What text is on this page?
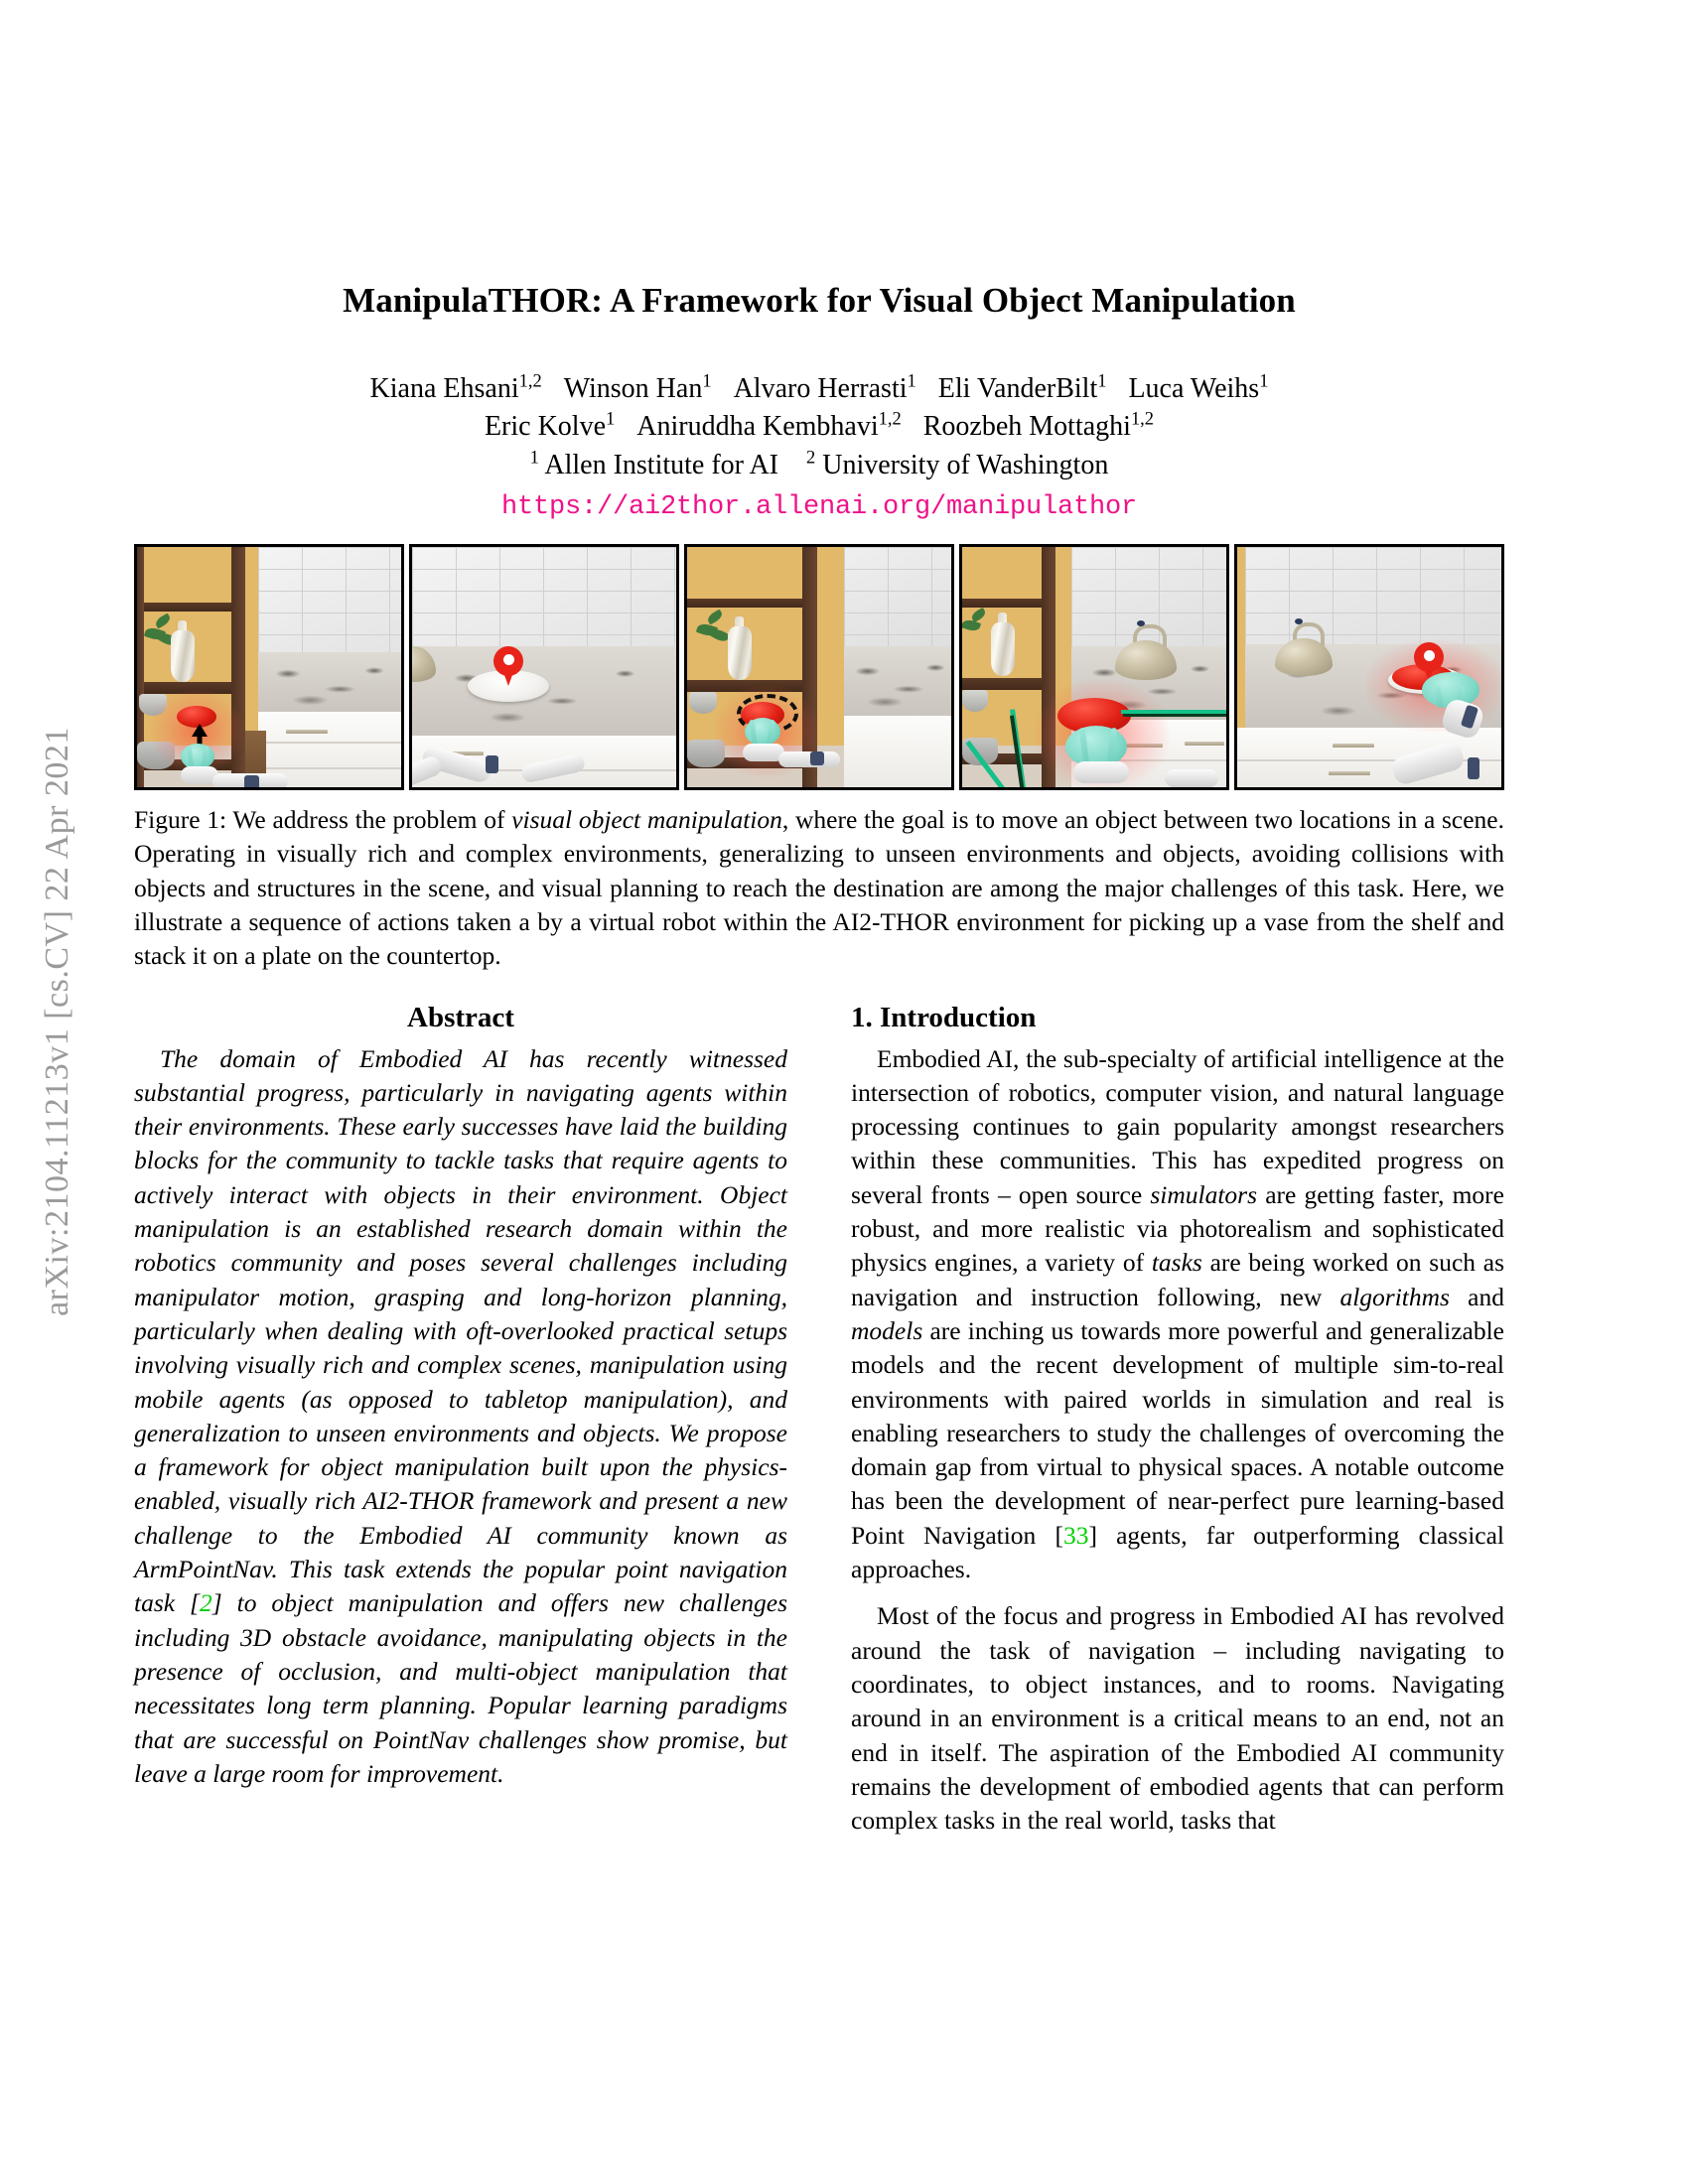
arXiv:2104.11213v1 [cs.CV] 22 Apr 2021
ManipulaTHOR: A Framework for Visual Object Manipulation
Kiana Ehsani$^{1,2}$ Winson Han$^1$ Alvaro Herrasti$^1$ Eli VanderBilt$^1$ Luca Weihs$^1$
Eric Kolve$^1$ Aniruddha Kembhavi$^{1,2}$ Roozbeh Mottaghi$^{1,2}$
$^1$ Allen Institute for AI $^2$ University of Washington
https://ai2thor.allenai.org/manipulathor
Figure 1: We address the problem of visual object manipulation, where the goal is to move an object between two locations in a scene. Operating in visually rich and complex environments, generalizing to unseen environments and objects, avoiding collisions with objects and structures in the scene, and visual planning to reach the destination are among the major challenges of this task. Here, we illustrate a sequence of actions taken a by a virtual robot within the AI2-THOR environment for picking up a vase from the shelf and stack it on a plate on the countertop.
Abstract

The domain of Embodied AI has recently witnessed substantial progress, particularly in navigating agents within their environments. These early successes have laid the building blocks for the community to tackle tasks that require agents to actively interact with objects in their environment. Object manipulation is an established research domain within the robotics community and poses several challenges including manipulator motion, grasping and long-horizon planning, particularly when dealing with oft-overlooked practical setups involving visually rich and complex scenes, manipulation using mobile agents (as opposed to tabletop manipulation), and generalization to unseen environments and objects. We propose a framework for object manipulation built upon the physics-enabled, visually rich AI2-THOR framework and present a new challenge to the Embodied AI community known as ArmPointNav. This task extends the popular point navigation task [2] to object manipulation and offers new challenges including 3D obstacle avoidance, manipulating objects in the presence of occlusion, and multi-object manipulation that necessitates long term planning. Popular learning paradigms that are successful on PointNav challenges show promise, but leave a large room for improvement.

1. Introduction

Embodied AI, the sub-specialty of artificial intelligence at the intersection of robotics, computer vision, and natural language processing continues to gain popularity amongst researchers within these communities. This has expedited progress on several fronts – open source simulators are getting faster, more robust, and more realistic via photorealism and sophisticated physics engines, a variety of tasks are being worked on such as navigation and instruction following, new algorithms and models are inching us towards more powerful and generalizable models and the recent development of multiple sim-to-real environments with paired worlds in simulation and real is enabling researchers to study the challenges of overcoming the domain gap from virtual to physical spaces. A notable outcome has been the development of near-perfect pure learning-based Point Navigation [33] agents, far outperforming classical approaches.

Most of the focus and progress in Embodied AI has revolved around the task of navigation – including navigating to coordinates, to object instances, and to rooms. Navigating around in an environment is a critical means to an end, not an end in itself. The aspiration of the Embodied AI community remains the development of embodied agents that can perform complex tasks in the real world, tasks that
